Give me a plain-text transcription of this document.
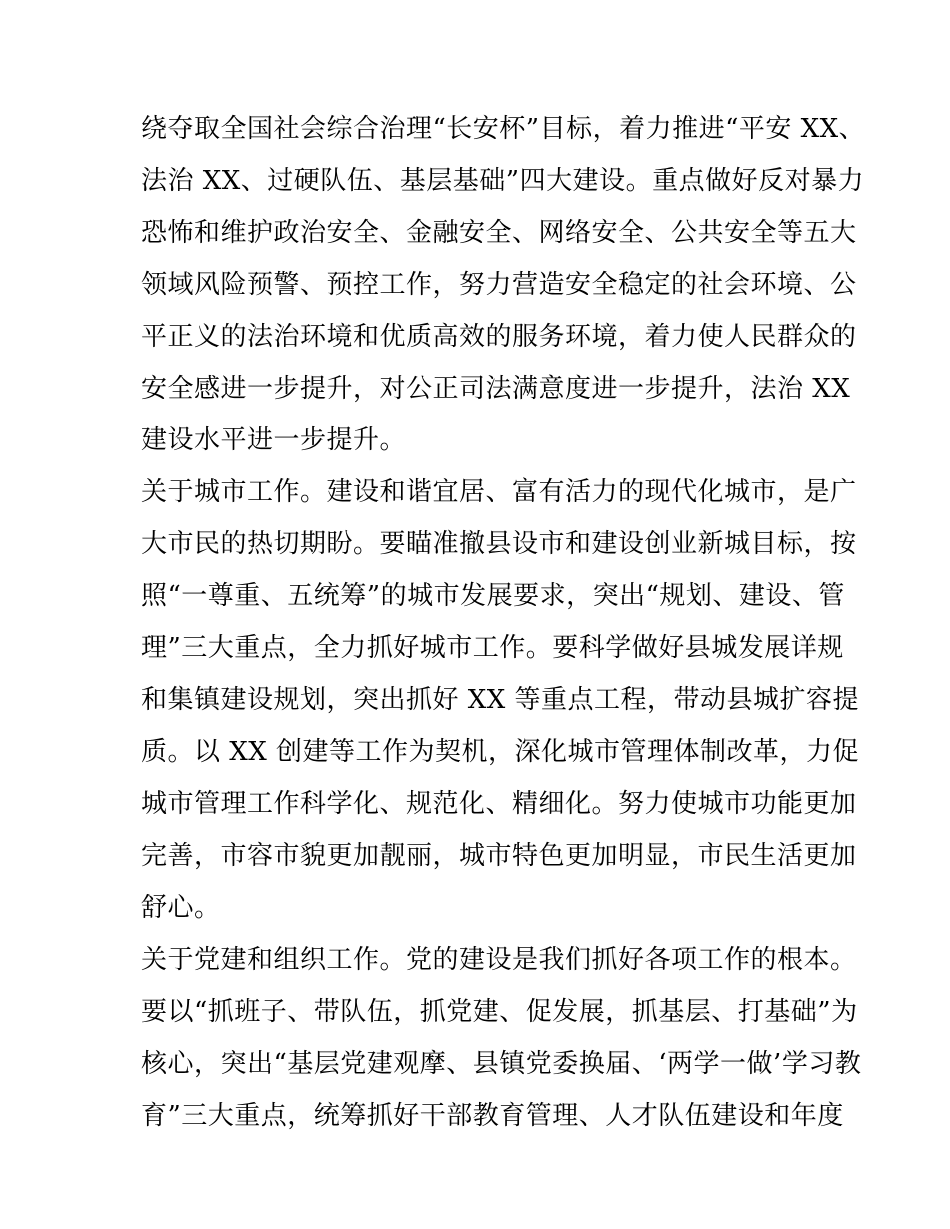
绕夺取全国社会综合治理“长安杯”目标，着力推进“平安 XX、
法治 XX、过硬队伍、基层基础”四大建设。重点做好反对暴力
恐怖和维护政治安全、金融安全、网络安全、公共安全等五大
领域风险预警、预控工作，努力营造安全稳定的社会环境、公
平正义的法治环境和优质高效的服务环境，着力使人民群众的
安全感进一步提升，对公正司法满意度进一步提升，法治 XX
建设水平进一步提升。
关于城市工作。建设和谐宜居、富有活力的现代化城市，是广
大市民的热切期盼。要瞄准撤县设市和建设创业新城目标，按
照“一尊重、五统筹”的城市发展要求，突出“规划、建设、管
理”三大重点，全力抓好城市工作。要科学做好县城发展详规
和集镇建设规划，突出抓好 XX 等重点工程，带动县城扩容提
质。以 XX 创建等工作为契机，深化城市管理体制改革，力促
城市管理工作科学化、规范化、精细化。努力使城市功能更加
完善，市容市貌更加靓丽，城市特色更加明显，市民生活更加
舒心。
关于党建和组织工作。党的建设是我们抓好各项工作的根本。
要以“抓班子、带队伍，抓党建、促发展，抓基层、打基础”为
核心，突出“基层党建观摩、县镇党委换届、‘两学一做’学习教
育”三大重点，统筹抓好干部教育管理、人才队伍建设和年度
